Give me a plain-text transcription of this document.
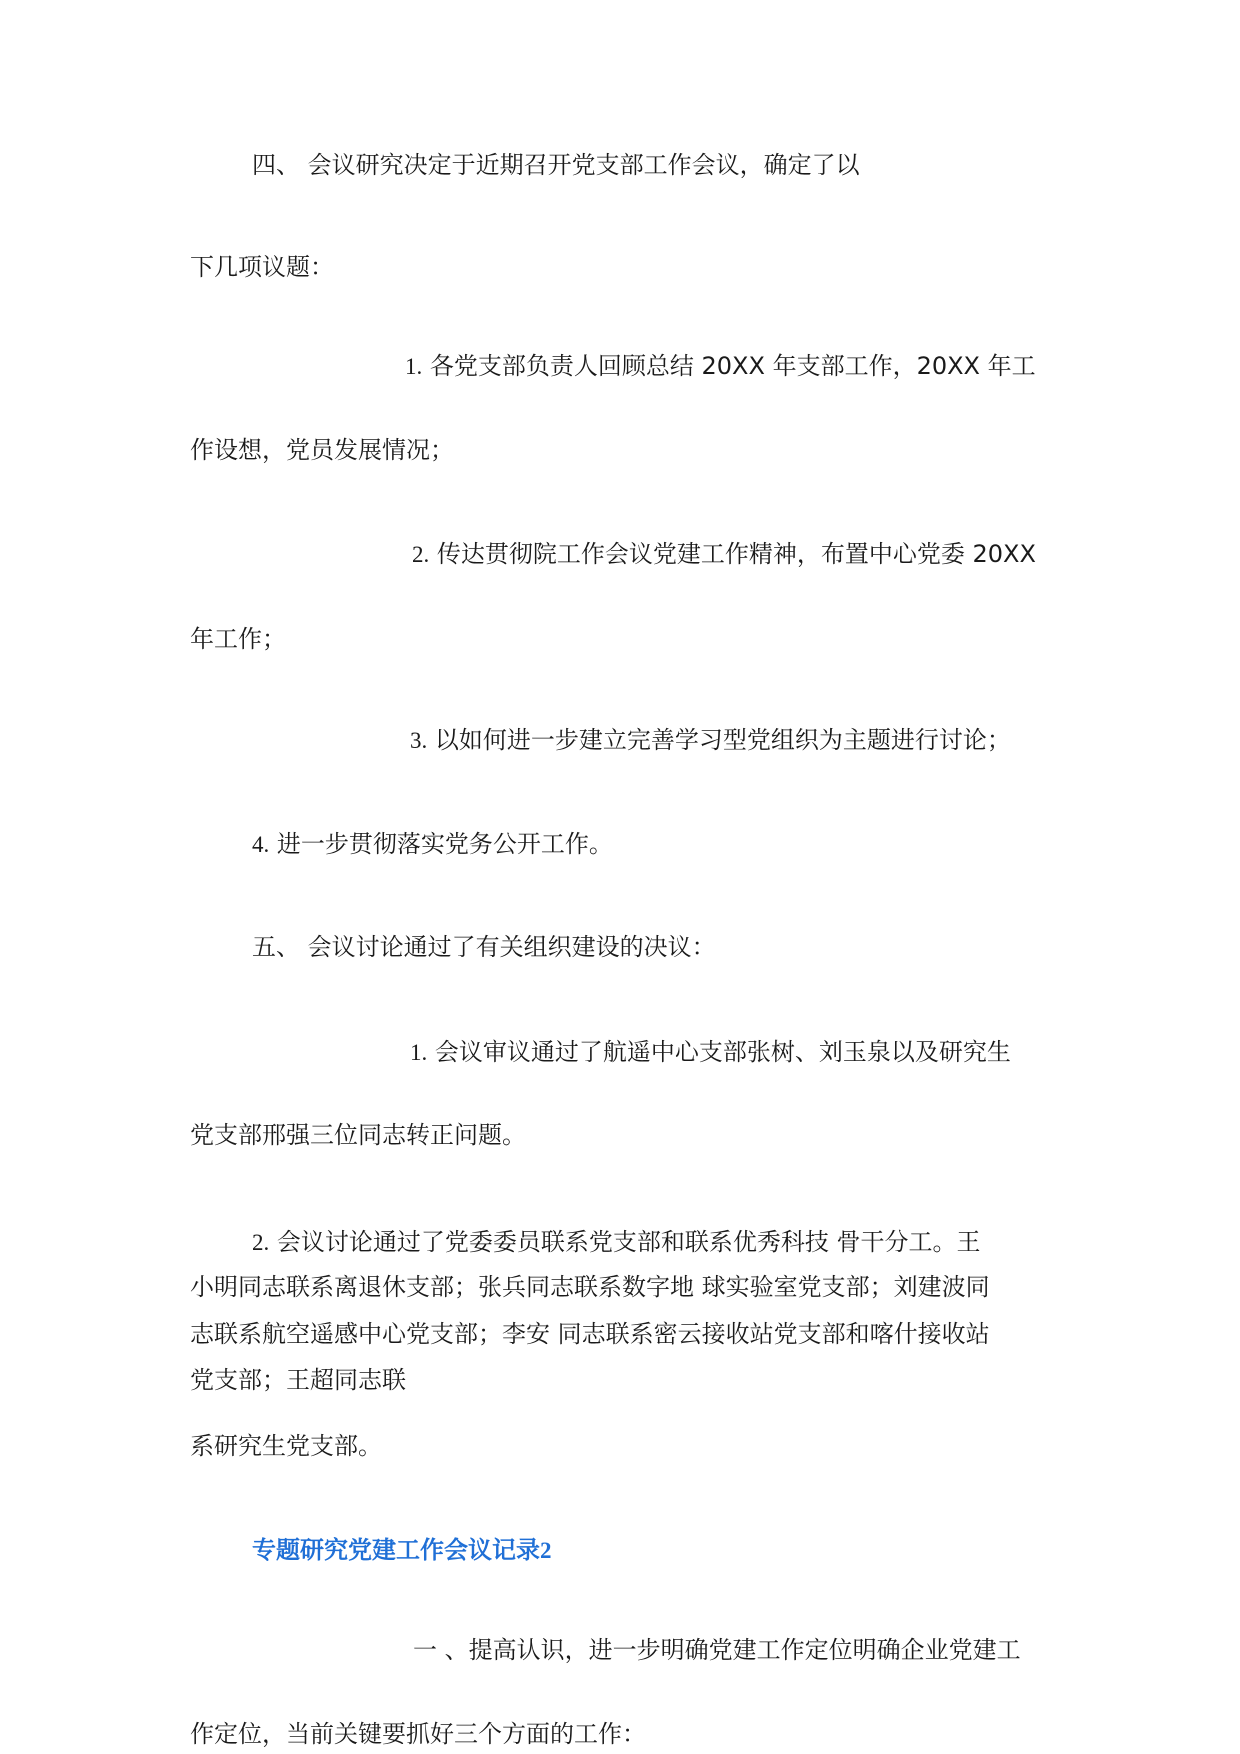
四、 会议研究决定于近期召开党支部工作会议，确定了以
下几项议题：
1. 各党支部负责人回顾总结 20XX 年支部工作，20XX 年工
作设想，党员发展情况；
2. 传达贯彻院工作会议党建工作精神，布置中心党委 20XX
年工作；
3. 以如何进一步建立完善学习型党组织为主题进行讨论；
4. 进一步贯彻落实党务公开工作。
五、 会议讨论通过了有关组织建设的决议：
1. 会议审议通过了航遥中心支部张树、刘玉泉以及研究生
党支部邢强三位同志转正问题。
2. 会议讨论通过了党委委员联系党支部和联系优秀科技 骨干分工。王
小明同志联系离退休支部；张兵同志联系数字地 球实验室党支部；刘建波同
志联系航空遥感中心党支部；李安 同志联系密云接收站党支部和喀什接收站
党支部；王超同志联
系研究生党支部。
专题研究党建工作会议记录2
一 、提高认识，进一步明确党建工作定位明确企业党建工
作定位，当前关键要抓好三个方面的工作：
